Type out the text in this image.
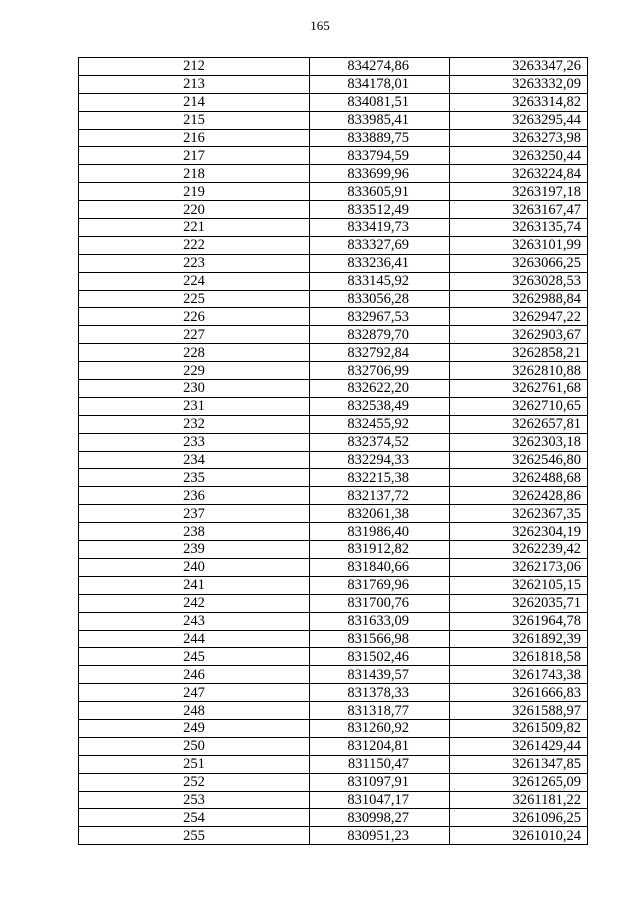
165
212	834274,86	3263347,26
213	834178,01	3263332,09
214	834081,51	3263314,82
215	833985,41	3263295,44
216	833889,75	3263273,98
217	833794,59	3263250,44
218	833699,96	3263224,84
219	833605,91	3263197,18
220	833512,49	3263167,47
221	833419,73	3263135,74
222	833327,69	3263101,99
223	833236,41	3263066,25
224	833145,92	3263028,53
225	833056,28	3262988,84
226	832967,53	3262947,22
227	832879,70	3262903,67
228	832792,84	3262858,21
229	832706,99	3262810,88
230	832622,20	3262761,68
231	832538,49	3262710,65
232	832455,92	3262657,81
233	832374,52	3262303,18
234	832294,33	3262546,80
235	832215,38	3262488,68
236	832137,72	3262428,86
237	832061,38	3262367,35
238	831986,40	3262304,19
239	831912,82	3262239,42
240	831840,66	3262173,06
241	831769,96	3262105,15
242	831700,76	3262035,71
243	831633,09	3261964,78
244	831566,98	3261892,39
245	831502,46	3261818,58
246	831439,57	3261743,38
247	831378,33	3261666,83
248	831318,77	3261588,97
249	831260,92	3261509,82
250	831204,81	3261429,44
251	831150,47	3261347,85
252	831097,91	3261265,09
253	831047,17	3261181,22
254	830998,27	3261096,25
255	830951,23	3261010,24
